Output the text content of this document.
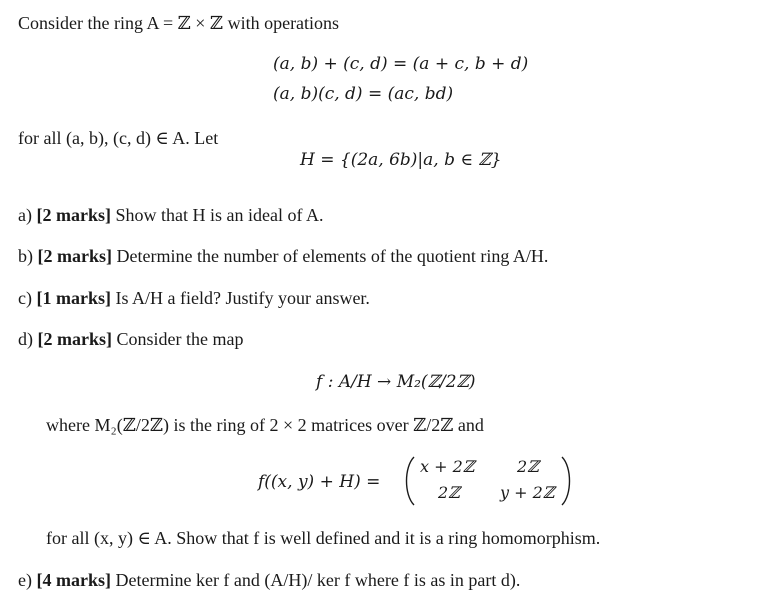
Consider the ring A = ℤ × ℤ with operations
(a, b) + (c, d) = (a + c, b + d)
(a, b)(c, d) = (ac, bd)
for all (a, b), (c, d) ∈ A. Let
H = {(2a, 6b)|a, b ∈ ℤ}
a) [2 marks] Show that H is an ideal of A.
b) [2 marks] Determine the number of elements of the quotient ring A/H.
c) [1 marks] Is A/H a field? Justify your answer.
d) [2 marks] Consider the map
f : A/H → M₂(ℤ/2ℤ)
where M₂(ℤ/2ℤ) is the ring of 2 × 2 matrices over ℤ/2ℤ and
f((x, y) + H) =
x + 2ℤ	2ℤ
2ℤ	y + 2ℤ
for all (x, y) ∈ A. Show that f is well defined and it is a ring homomorphism.
e) [4 marks] Determine ker f and (A/H)/ ker f where f is as in part d).
